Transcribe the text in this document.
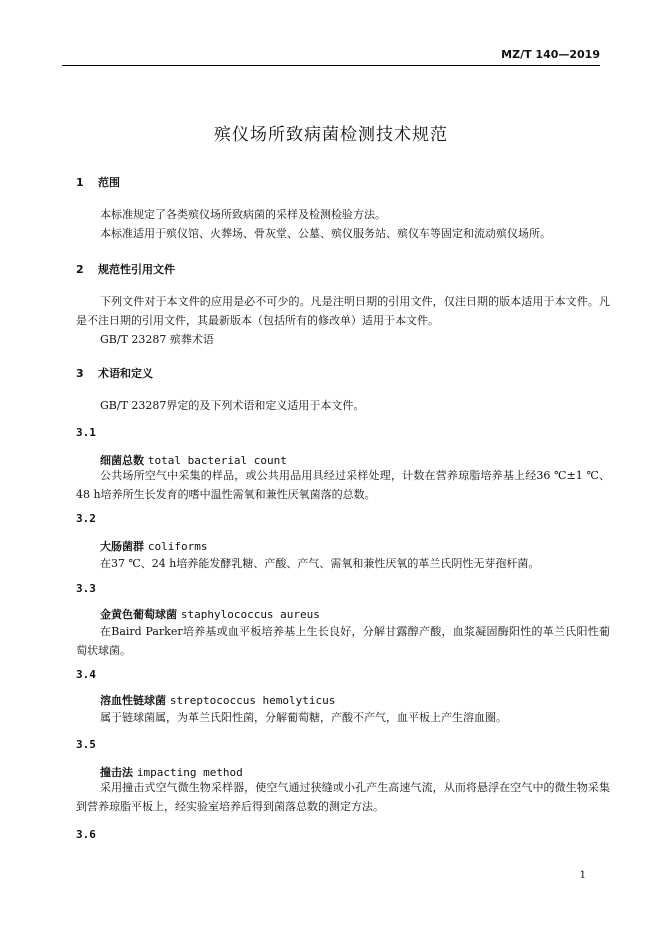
MZ/T 140—2019
殡仪场所致病菌检测技术规范
1 范围
本标准规定了各类殡仪场所致病菌的采样及检测检验方法。
本标准适用于殡仪馆、火葬场、骨灰堂、公墓、殡仪服务站、殡仪车等固定和流动殡仪场所。
2 规范性引用文件
下列文件对于本文件的应用是必不可少的。凡是注明日期的引用文件，仅注日期的版本适用于本文件。凡是不注日期的引用文件，其最新版本（包括所有的修改单）适用于本文件。
GB/T 23287 殡葬术语
3 术语和定义
GB/T 23287界定的及下列术语和定义适用于本文件。
3.1
细菌总数 total bacterial count
公共场所空气中采集的样品，或公共用品用具经过采样处理，计数在营养琼脂培养基上经36 ℃±1 ℃、48 h培养所生长发育的嗜中温性需氧和兼性厌氧菌落的总数。
3.2
大肠菌群 coliforms
在37 ℃、24 h培养能发酵乳糖、产酸、产气、需氧和兼性厌氧的革兰氏阴性无芽孢杆菌。
3.3
金黄色葡萄球菌 staphylococcus aureus
在Baird Parker培养基或血平板培养基上生长良好，分解甘露醇产酸，血浆凝固酶阳性的革兰氏阳性葡萄状球菌。
3.4
溶血性链球菌 streptococcus hemolyticus
属于链球菌属，为革兰氏阳性菌，分解葡萄糖，产酸不产气，血平板上产生溶血圈。
3.5
撞击法 impacting method
采用撞击式空气微生物采样器，使空气通过狭缝或小孔产生高速气流，从而将悬浮在空气中的微生物采集到营养琼脂平板上，经实验室培养后得到菌落总数的测定方法。
3.6
1
